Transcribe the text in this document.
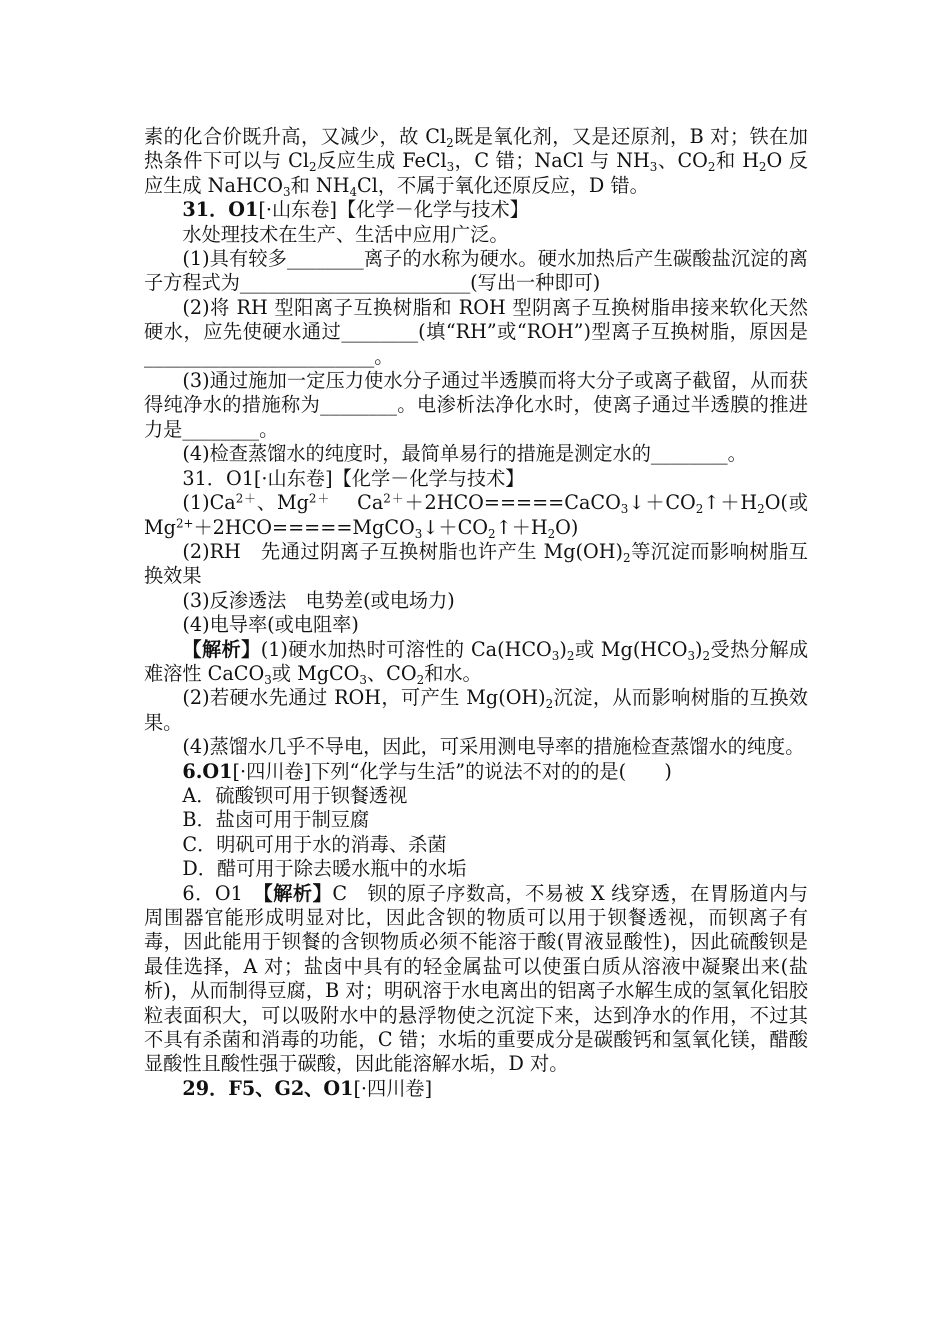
素的化合价既升高，又减少，故 $Cl_2$既是氧化剂，又是还原剂，B 对；铁在加热条件下可以与 $Cl_2$反应生成 FeCl$_3$，C 错；NaCl 与 $NH_3$、$CO_2$和 $H_2O$ 反应生成 NaHCO$_3$和 $NH_4Cl$，不属于氧化还原反应，D 错。

31．O1[·山东卷]【化学－化学与技术】

水处理技术在生产、生活中应用广泛。

(1)具有较多________离子的水称为硬水。硬水加热后产生碳酸盐沉淀的离子方程式为________________________(写出一种即可)

(2)将 RH 型阳离子互换树脂和 ROH 型阴离子互换树脂串接来软化天然硬水，应先使硬水通过________(填“RH”或“ROH”)型离子互换树脂，原因是________________________。

(3)通过施加一定压力使水分子通过半透膜而将大分子或离子截留，从而获得纯净水的措施称为________。电渗析法净化水时，使离子通过半透膜的推进力是________。

(4)检查蒸馏水的纯度时，最简单易行的措施是测定水的________。

31．O1[·山东卷]【化学－化学与技术】

$(1)Ca^{2+}$、$Mg^{2+}$　 $Ca^{2+}+2HCO=====CaCO_3↓+CO_2↑+H_2O$(或 $Mg^{2+}+2HCO=====MgCO_3↓+CO_2↑+H_2O$)

(2)RH　先通过阴离子互换树脂也许产生 $Mg(OH)_2$等沉淀而影响树脂互换效果

(3)反渗透法　电势差(或电场力)

(4)电导率(或电阻率)

【解析】(1)硬水加热时可溶性的 $Ca(HCO_3)_2$或 $Mg(HCO_3)_2$受热分解成难溶性 CaCO$_3$或 MgCO$_3$、$CO_2$和水。

(2)若硬水先通过 ROH，可产生 $Mg(OH)_2$沉淀，从而影响树脂的互换效果。

(4)蒸馏水几乎不导电，因此，可采用测电导率的措施检查蒸馏水的纯度。

6.O1[·四川卷]下列“化学与生活”的说法不对的的是(　　)

A．硫酸钡可用于钡餐透视

B．盐卤可用于制豆腐

C．明矾可用于水的消毒、杀菌

D．醋可用于除去暖水瓶中的水垢

6．O1　【解析】C　钡的原子序数高，不易被 X 线穿透，在胃肠道内与周围器官能形成明显对比，因此含钡的物质可以用于钡餐透视，而钡离子有毒，因此能用于钡餐的含钡物质必须不能溶于酸(胃液显酸性)，因此硫酸钡是最佳选择，A 对；盐卤中具有的轻金属盐可以使蛋白质从溶液中凝聚出来(盐析)，从而制得豆腐，B 对；明矾溶于水电离出的铝离子水解生成的氢氧化铝胶粒表面积大，可以吸附水中的悬浮物使之沉淀下来，达到净水的作用，不过其不具有杀菌和消毒的功能，C 错；水垢的重要成分是碳酸钙和氢氧化镁，醋酸显酸性且酸性强于碳酸，因此能溶解水垢，D 对。

29．F5、G2、O1[·四川卷]
